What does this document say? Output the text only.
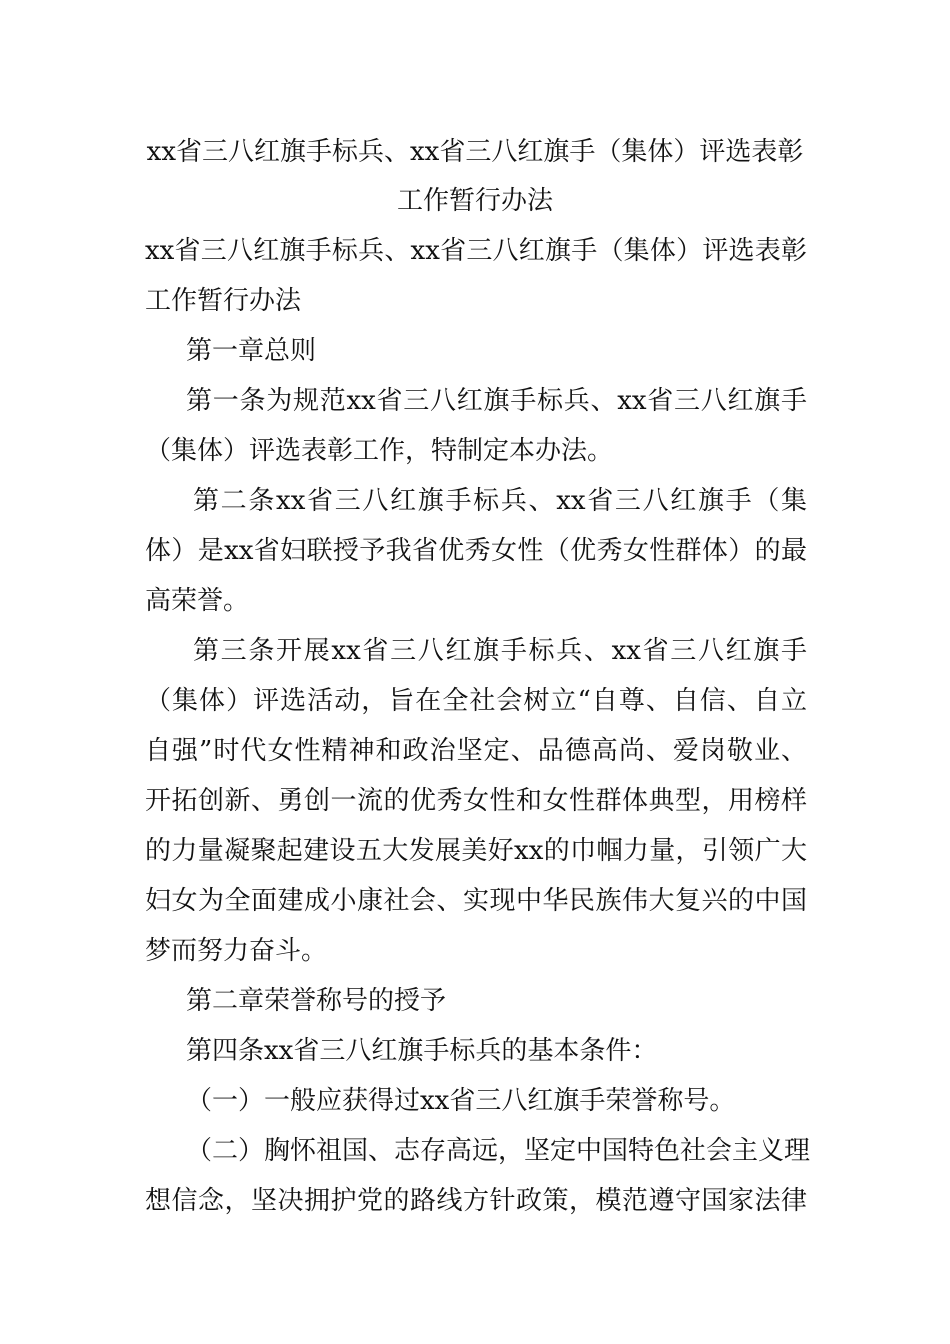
xx省三八红旗手标兵、xx省三八红旗手（集体）评选表彰
工作暂行办法
xx省三八红旗手标兵、xx省三八红旗手（集体）评选表彰
工作暂行办法
第一章总则
第一条为规范xx省三八红旗手标兵、xx省三八红旗手
（集体）评选表彰工作，特制定本办法。
第二条xx省三八红旗手标兵、xx省三八红旗手（集
体）是xx省妇联授予我省优秀女性（优秀女性群体）的最
高荣誉。
第三条开展xx省三八红旗手标兵、xx省三八红旗手
（集体）评选活动，旨在全社会树立“自尊、自信、自立
自强”时代女性精神和政治坚定、品德高尚、爱岗敬业、
开拓创新、勇创一流的优秀女性和女性群体典型，用榜样
的力量凝聚起建设五大发展美好xx的巾帼力量，引领广大
妇女为全面建成小康社会、实现中华民族伟大复兴的中国
梦而努力奋斗。
第二章荣誉称号的授予
第四条xx省三八红旗手标兵的基本条件：
（一）一般应获得过xx省三八红旗手荣誉称号。
（二）胸怀祖国、志存高远，坚定中国特色社会主义理
想信念，坚决拥护党的路线方针政策，模范遵守国家法律
